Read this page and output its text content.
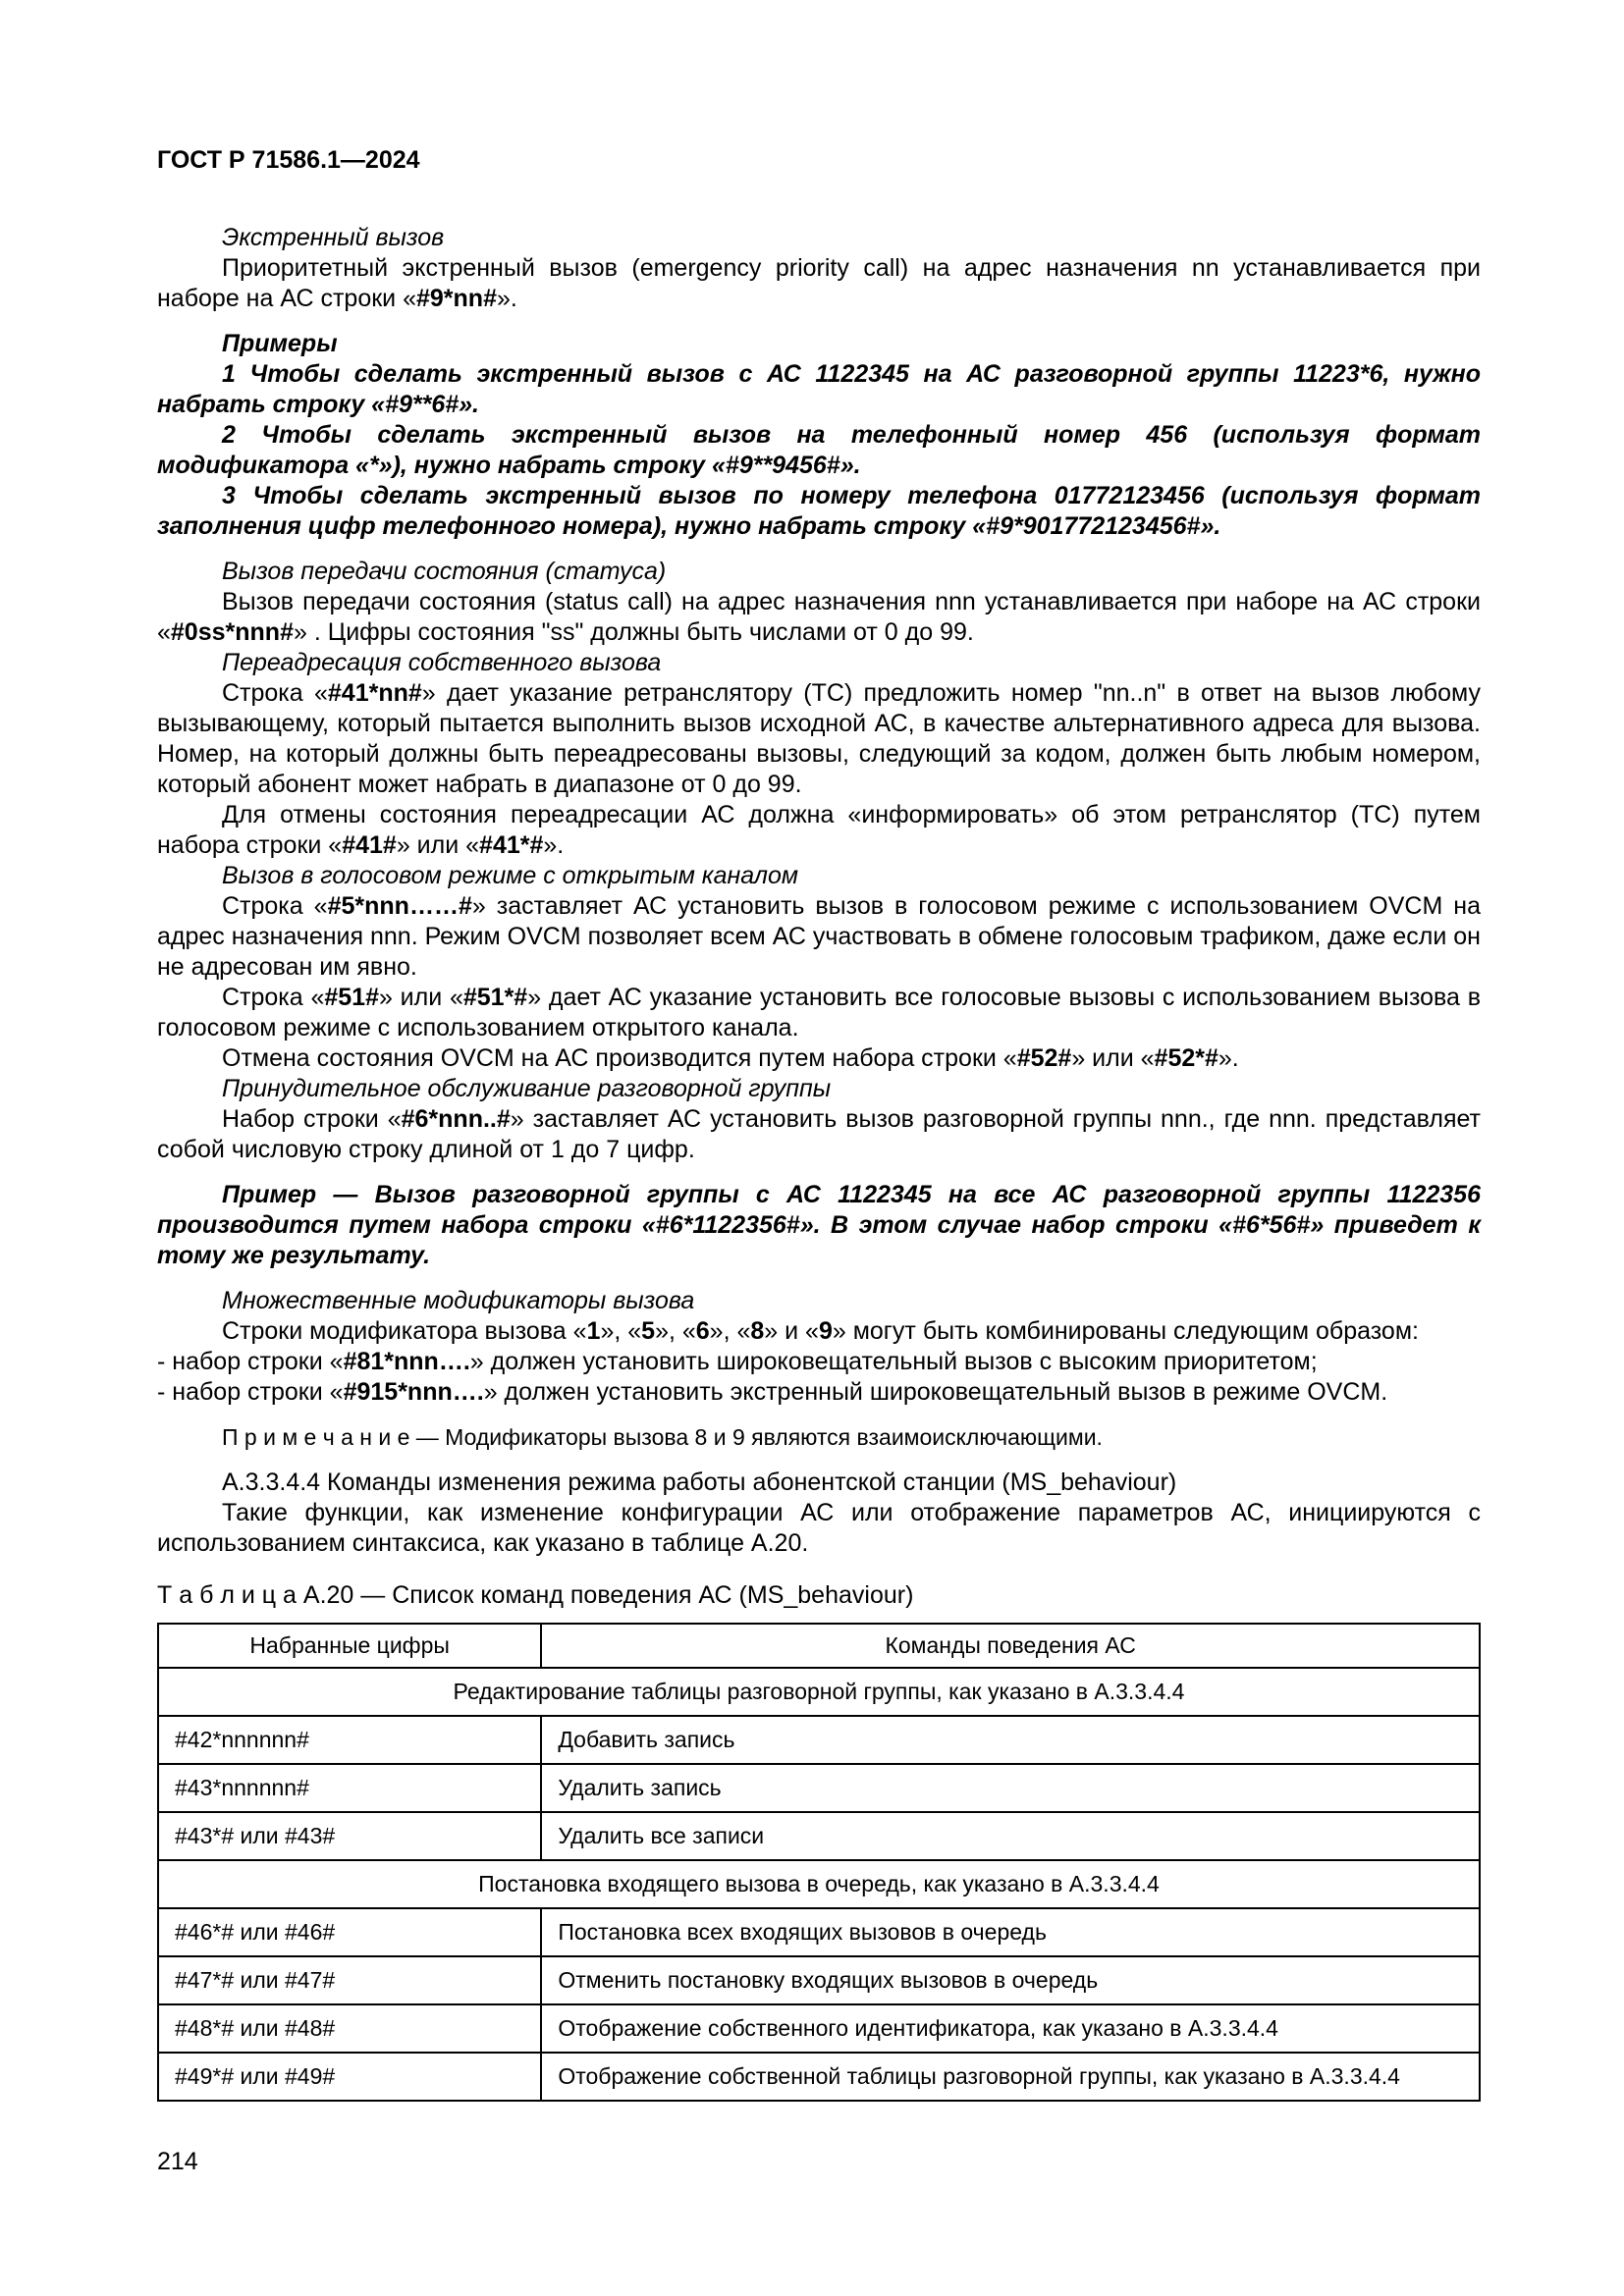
ГОСТ Р 71586.1—2024

Экстренный вызов

Приоритетный экстренный вызов (emergency priority call) на адрес назначения nn устанавливается при наборе на АС строки «#9*nn#».

Примеры

1 Чтобы сделать экстренный вызов с АС 1122345 на АС разговорной группы 11223*6, нужно набрать строку «#9**6#».

2 Чтобы сделать экстренный вызов на телефонный номер 456 (используя формат модификатора «*»), нужно набрать строку «#9**9456#».

3 Чтобы сделать экстренный вызов по номеру телефона 01772123456 (используя формат заполнения цифр телефонного номера), нужно набрать строку «#9*901772123456#».

Вызов передачи состояния (статуса)

Вызов передачи состояния (status call) на адрес назначения nnn устанавливается при наборе на АС строки «#0ss*nnn#» . Цифры состояния "ss" должны быть числами от 0 до 99.

Переадресация собственного вызова

Строка «#41*nn#» дает указание ретранслятору (ТС) предложить номер "nn..n" в ответ на вызов любому вызывающему, который пытается выполнить вызов исходной АС, в качестве альтернативного адреса для вызова. Номер, на который должны быть переадресованы вызовы, следующий за кодом, должен быть любым номером, который абонент может набрать в диапазоне от 0 до 99.

Для отмены состояния переадресации АС должна «информировать» об этом ретранслятор (ТС) путем набора строки «#41#» или «#41*#».

Вызов в голосовом режиме с открытым каналом

Строка «#5*nnn……#» заставляет АС установить вызов в голосовом режиме с использованием OVCM на адрес назначения nnn. Режим OVCM позволяет всем АС участвовать в обмене голосовым трафиком, даже если он не адресован им явно.

Строка «#51#» или «#51*#» дает АС указание установить все голосовые вызовы с использованием вызова в голосовом режиме с использованием открытого канала.

Отмена состояния OVCM на АС производится путем набора строки «#52#» или «#52*#».

Принудительное обслуживание разговорной группы

Набор строки «#6*nnn..#» заставляет АС установить вызов разговорной группы nnn., где nnn. представляет собой числовую строку длиной от 1 до 7 цифр.

Пример — Вызов разговорной группы с АС 1122345 на все АС разговорной группы 1122356 производится путем набора строки «#6*1122356#». В этом случае набор строки «#6*56#» приведет к тому же результату.

Множественные модификаторы вызова

Строки модификатора вызова «1», «5», «6», «8» и «9» могут быть комбинированы следующим образом:

- набор строки «#81*nnn….» должен установить широковещательный вызов с высоким приоритетом;

- набор строки «#915*nnn….» должен установить экстренный широковещательный вызов в режиме OVCM.

П р и м е ч а н и е — Модификаторы вызова 8 и 9 являются взаимоисключающими.

А.3.3.4.4 Команды изменения режима работы абонентской станции (MS_behaviour)

Такие функции, как изменение конфигурации АС или отображение параметров АС, инициируются с использованием синтаксиса, как указано в таблице А.20.

Т а б л и ц а А.20 — Список команд поведения АС (MS_behaviour)

Набранные цифры	Команды поведения АС
Редактирование таблицы разговорной группы, как указано в А.3.3.4.4	
#42*nnnnnn#	Добавить запись
#43*nnnnnn#	Удалить запись
#43*# или #43#	Удалить все записи
Постановка входящего вызова в очередь, как указано в А.3.3.4.4	
#46*# или #46#	Постановка всех входящих вызовов в очередь
#47*# или #47#	Отменить постановку входящих вызовов в очередь
#48*# или #48#	Отображение собственного идентификатора, как указано в А.3.3.4.4
#49*# или #49#	Отображение собственной таблицы разговорной группы, как указано в А.3.3.4.4
214
